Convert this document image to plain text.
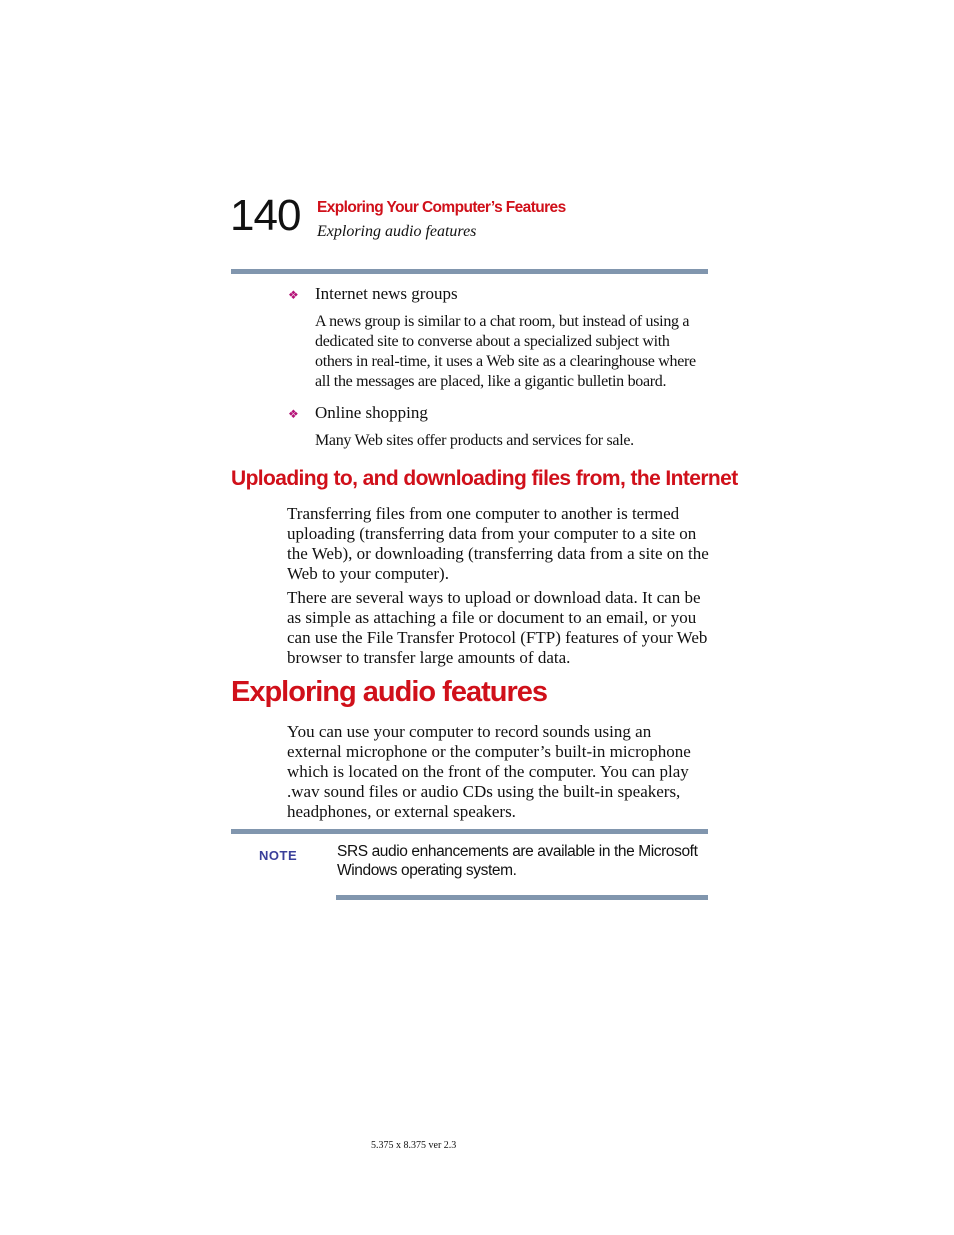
140 Exploring Your Computer’s Features
Exploring audio features
❖ Internet news groups
A news group is similar to a chat room, but instead of using a dedicated site to converse about a specialized subject with others in real-time, it uses a Web site as a clearinghouse where all the messages are placed, like a gigantic bulletin board.
❖ Online shopping
Many Web sites offer products and services for sale.
Uploading to, and downloading files from, the Internet
Transferring files from one computer to another is termed uploading (transferring data from your computer to a site on the Web), or downloading (transferring data from a site on the Web to your computer).
There are several ways to upload or download data. It can be as simple as attaching a file or document to an email, or you can use the File Transfer Protocol (FTP) features of your Web browser to transfer large amounts of data.
Exploring audio features
You can use your computer to record sounds using an external microphone or the computer’s built-in microphone which is located on the front of the computer. You can play .wav sound files or audio CDs using the built-in speakers, headphones, or external speakers.
NOTE	SRS audio enhancements are available in the Microsoft Windows operating system.
5.375 x 8.375 ver 2.3
